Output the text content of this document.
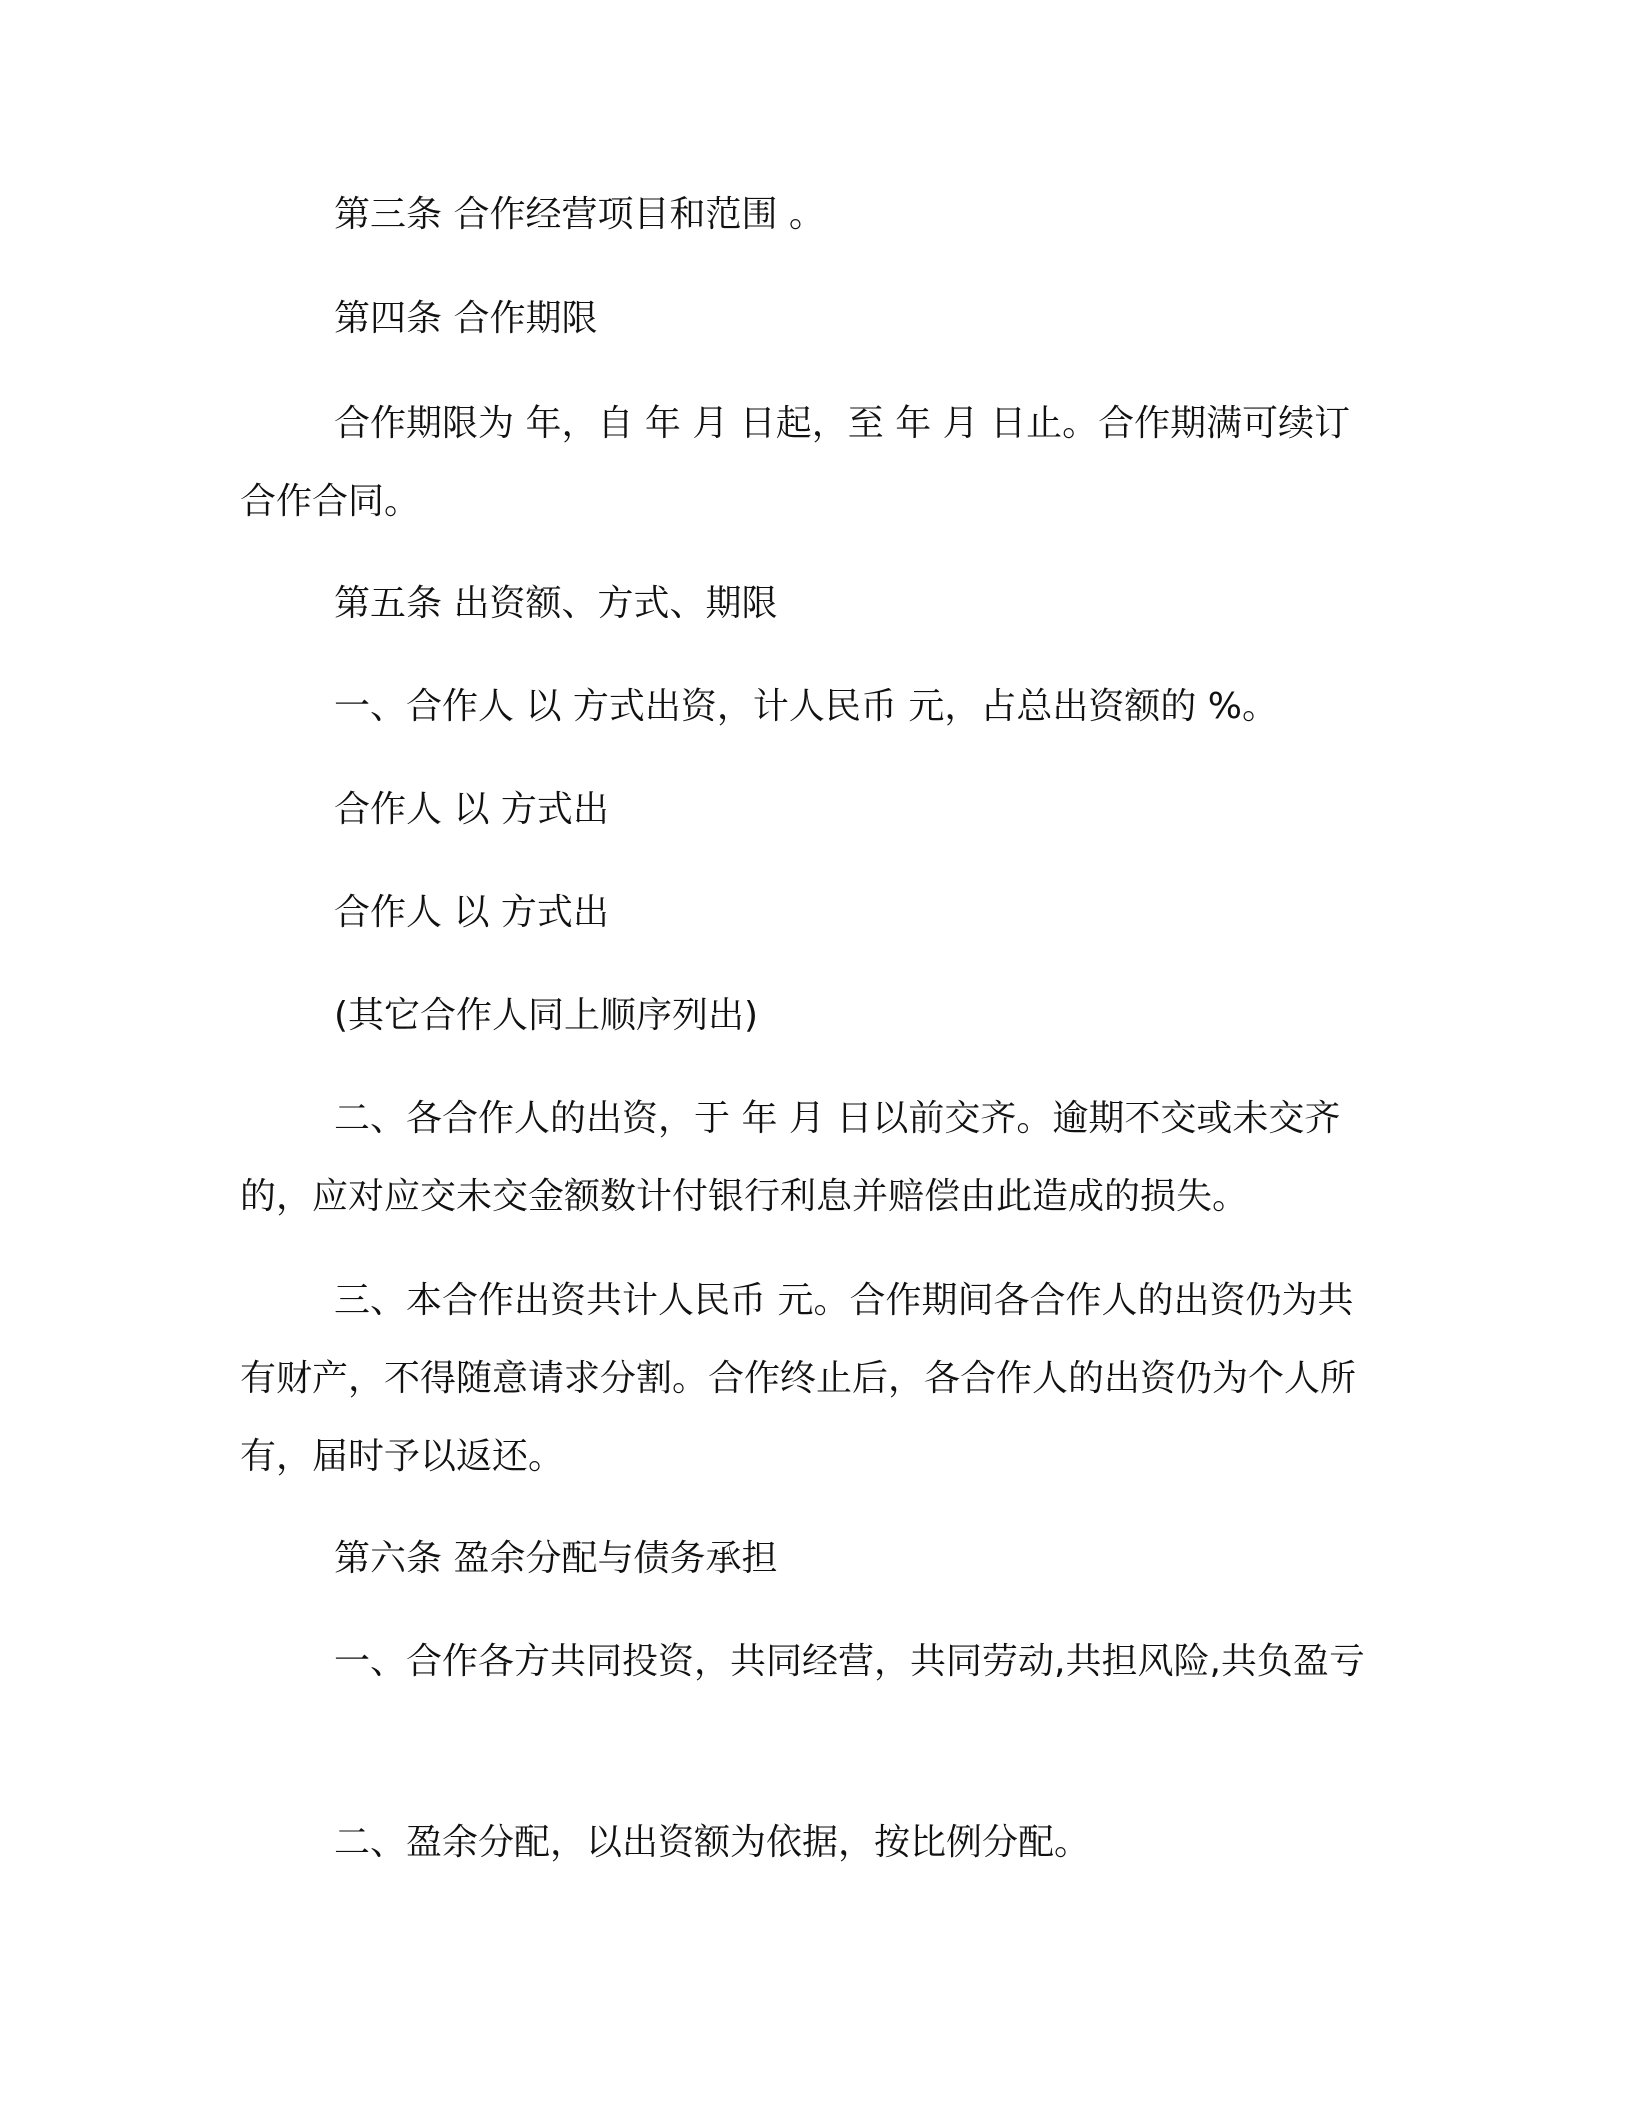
第三条 合作经营项目和范围 。

第四条 合作期限

合作期限为 年，自 年 月 日起，至 年 月 日止。合作期满可续订合作合同。

第五条 出资额、方式、期限

一、合作人 以 方式出资，计人民币 元，占总出资额的 %。

合作人 以 方式出

合作人 以 方式出

(其它合作人同上顺序列出)

二、各合作人的出资，于 年 月 日以前交齐。逾期不交或未交齐的，应对应交未交金额数计付银行利息并赔偿由此造成的损失。

三、本合作出资共计人民币 元。合作期间各合作人的出资仍为共有财产，不得随意请求分割。合作终止后，各合作人的出资仍为个人所有，届时予以返还。

第六条 盈余分配与债务承担

一、合作各方共同投资，共同经营，共同劳动,共担风险,共负盈亏

二、盈余分配，以出资额为依据，按比例分配。
